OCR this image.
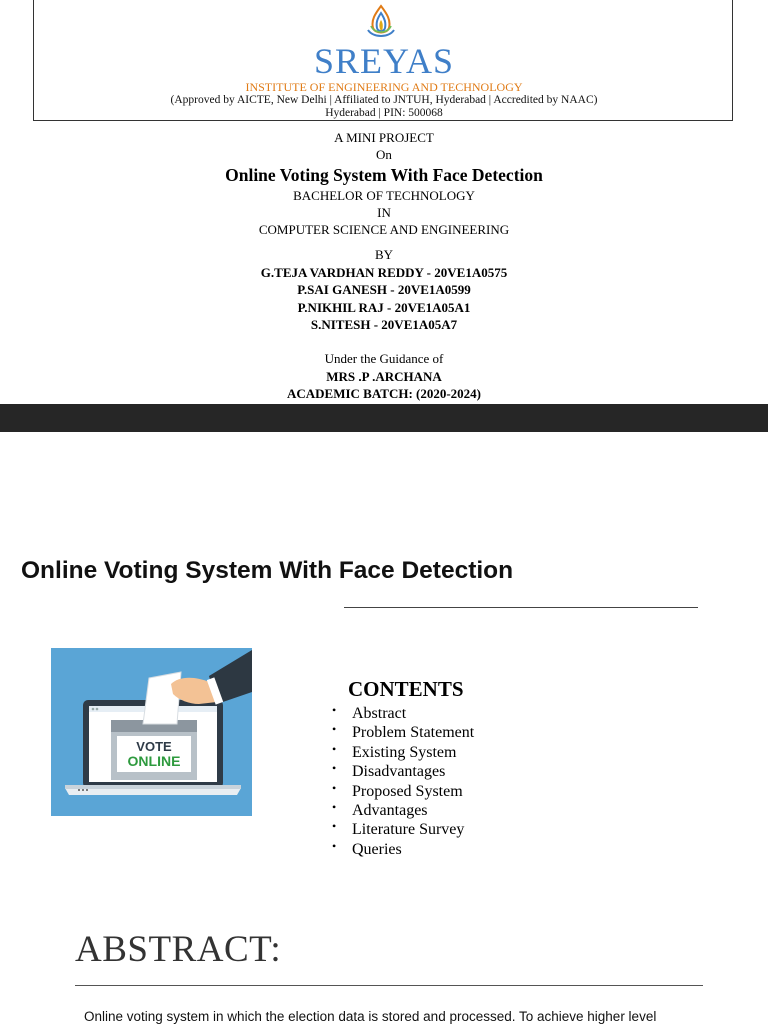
SREYAS
INSTITUTE OF ENGINEERING AND TECHNOLOGY
(Approved by AICTE, New Delhi | Affiliated to JNTUH, Hyderabad | Accredited by NAAC)
Hyderabad | PIN: 500068
A MINI PROJECT
On
Online Voting System With Face Detection
BACHELOR OF TECHNOLOGY
IN
COMPUTER SCIENCE AND ENGINEERING
BY
G.TEJA VARDHAN REDDY - 20VE1A0575
P.SAI GANESH - 20VE1A0599
P.NIKHIL RAJ - 20VE1A05A1
S.NITESH - 20VE1A05A7
Under the Guidance of
MRS .P .ARCHANA
ACADEMIC BATCH: (2020-2024)
Online Voting System With Face Detection
VOTE
ONLINE
CONTENTS
• Abstract
• Problem Statement
• Existing System
• Disadvantages
• Proposed System
• Advantages
• Literature Survey
• Queries
ABSTRACT:
Online voting system in which the election data is stored and processed. To achieve higher level
